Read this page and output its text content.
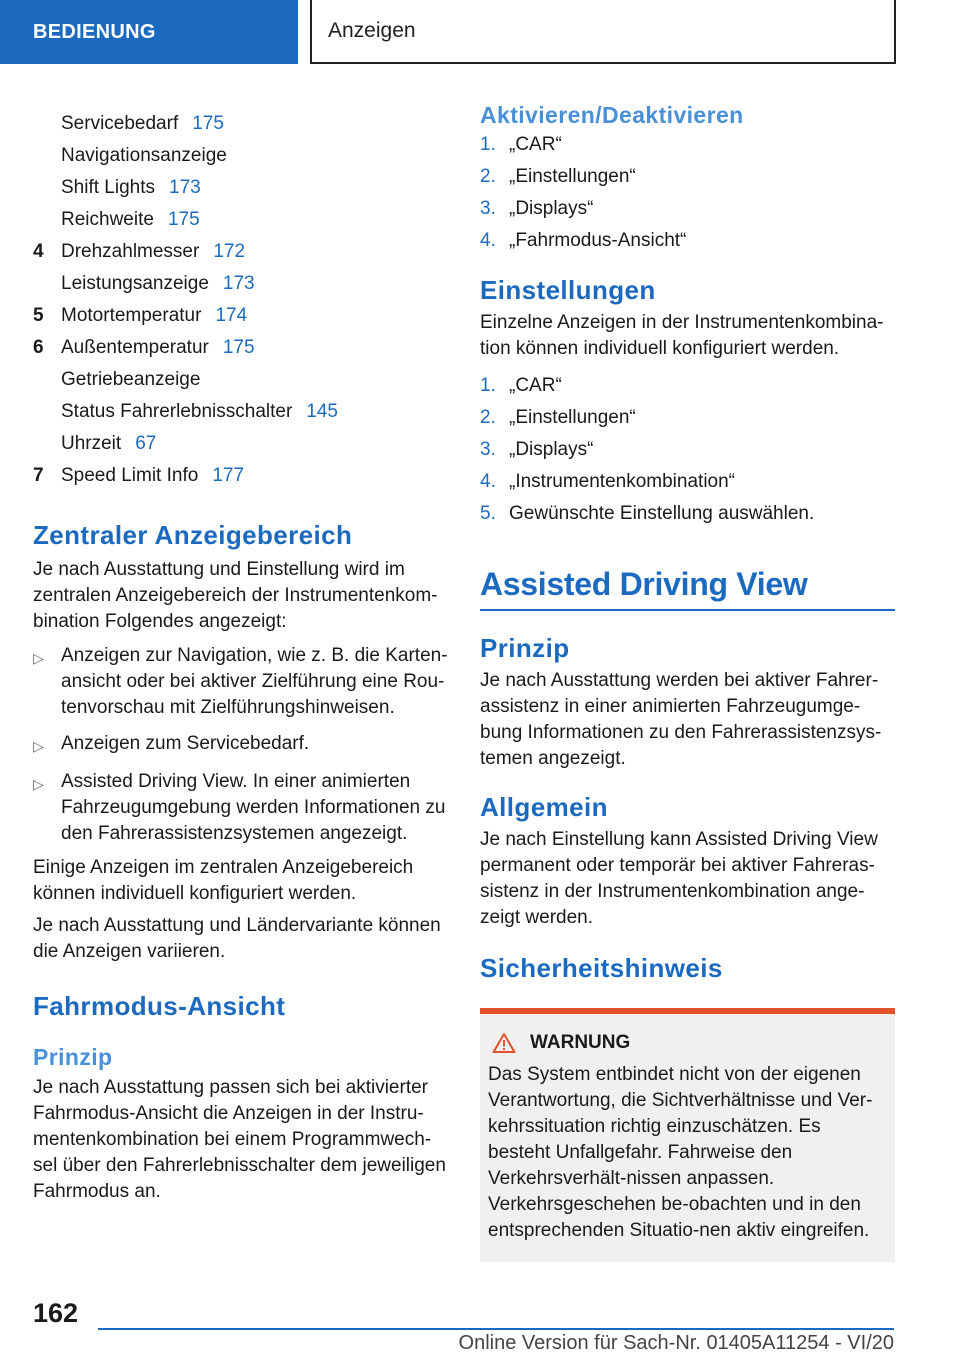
BEDIENUNG	Anzeigen
Servicebedarf 175
Navigationsanzeige
Shift Lights 173
Reichweite 175
4 Drehzahlmesser 172
Leistungsanzeige 173
5 Motortemperatur 174
6 Außentemperatur 175
Getriebeanzeige
Status Fahrerlebnisschalter 145
Uhrzeit 67
7 Speed Limit Info 177
Zentraler Anzeigebereich

Je nach Ausstattung und Einstellung wird im zentralen Anzeigebereich der Instrumentenkom-bination Folgendes angezeigt:

▷ Anzeigen zur Navigation, wie z. B. die Karten-ansicht oder bei aktiver Zielführung eine Rou-tenvorschau mit Zielführungshinweisen.
▷ Anzeigen zum Servicebedarf.
▷ Assisted Driving View. In einer animierten Fahrzeugumgebung werden Informationen zu den Fahrerassistenzsystemen angezeigt.

Einige Anzeigen im zentralen Anzeigebereich können individuell konfiguriert werden.

Je nach Ausstattung und Ländervariante können die Anzeigen variieren.

Fahrmodus-Ansicht
Prinzip

Je nach Ausstattung passen sich bei aktivierter Fahrmodus-Ansicht die Anzeigen in der Instru-mentenkombination bei einem Programmwech-sel über den Fahrerlebnisschalter dem jeweiligen Fahrmodus an.

Aktivieren/Deaktivieren
1. „CAR“
2. „Einstellungen“
3. „Displays“
4. „Fahrmodus-Ansicht“
Einstellungen

Einzelne Anzeigen in der Instrumentenkombina-tion können individuell konfiguriert werden.

1. „CAR“
2. „Einstellungen“
3. „Displays“
4. „Instrumentenkombination“
5. Gewünschte Einstellung auswählen.
Assisted Driving View
Prinzip

Je nach Ausstattung werden bei aktiver Fahrer-assistenz in einer animierten Fahrzeugumge-bung Informationen zu den Fahrerassistenzsys-temen angezeigt.

Allgemein

Je nach Einstellung kann Assisted Driving View permanent oder temporär bei aktiver Fahreras-sistenz in der Instrumentenkombination ange-zeigt werden.

Sicherheitshinweis
WARNUNG

Das System entbindet nicht von der eigenen Verantwortung, die Sichtverhältnisse und Ver-kehrssituation richtig einzuschätzen. Es besteht Unfallgefahr. Fahrweise den Verkehrsverhält-nissen anpassen. Verkehrsgeschehen be-obachten und in den entsprechenden Situatio-nen aktiv eingreifen.

162
Online Version für Sach-Nr. 01405A11254 - VI/20
